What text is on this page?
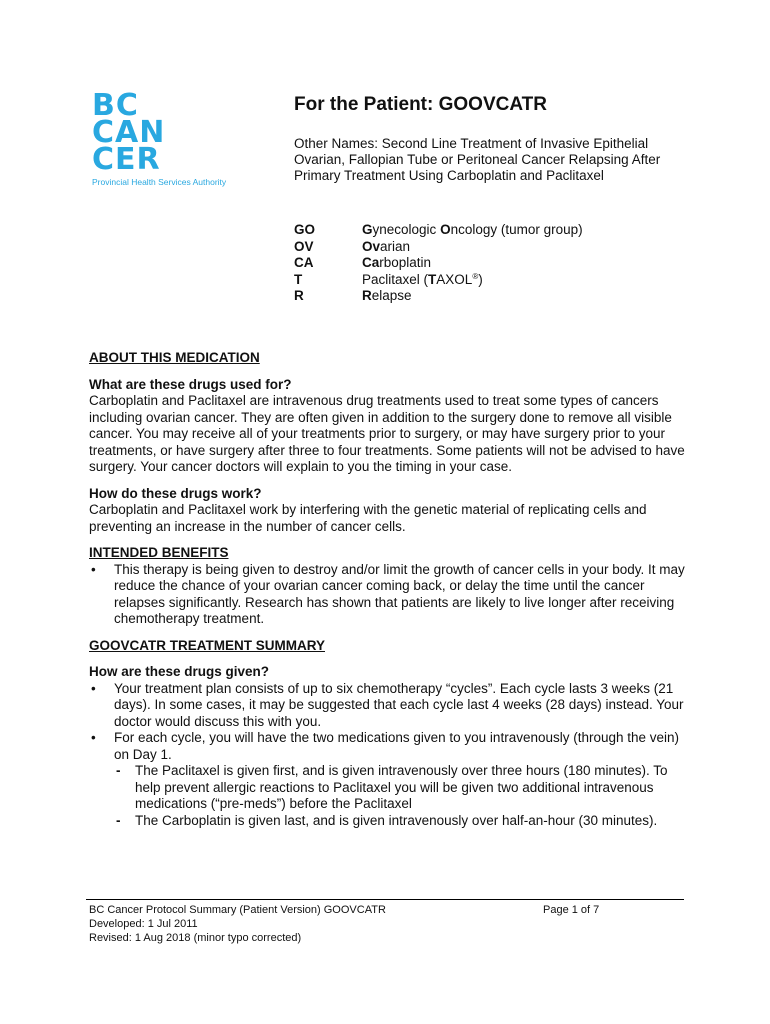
BC
CAN
CER
Provincial Health Services Authority
For the Patient: GOOVCATR

Other Names: Second Line Treatment of Invasive Epithelial Ovarian, Fallopian Tube or Peritoneal Cancer Relapsing After Primary Treatment Using Carboplatin and Paclitaxel

GO	Gynecologic Oncology (tumor group)
OV	Ovarian
CA	Carboplatin
T	Paclitaxel (TAXOL®)
R	Relapse
ABOUT THIS MEDICATION
What are these drugs used for?

Carboplatin and Paclitaxel are intravenous drug treatments used to treat some types of cancers including ovarian cancer. They are often given in addition to the surgery done to remove all visible cancer. You may receive all of your treatments prior to surgery, or may have surgery prior to your treatments, or have surgery after three to four treatments. Some patients will not be advised to have surgery. Your cancer doctors will explain to you the timing in your case.

How do these drugs work?

Carboplatin and Paclitaxel work by interfering with the genetic material of replicating cells and preventing an increase in the number of cancer cells.

INTENDED BENEFITS
• This therapy is being given to destroy and/or limit the growth of cancer cells in your body. It may reduce the chance of your ovarian cancer coming back, or delay the time until the cancer relapses significantly. Research has shown that patients are likely to live longer after receiving chemotherapy treatment.
GOOVCATR TREATMENT SUMMARY
How are these drugs given?
• Your treatment plan consists of up to six chemotherapy “cycles”. Each cycle lasts 3 weeks (21 days). In some cases, it may be suggested that each cycle last 4 weeks (28 days) instead. Your doctor would discuss this with you.
• For each cycle, you will have the two medications given to you intravenously (through the vein) on Day 1.
- The Paclitaxel is given first, and is given intravenously over three hours (180 minutes). To help prevent allergic reactions to Paclitaxel you will be given two additional intravenous medications (“pre-meds”) before the Paclitaxel
- The Carboplatin is given last, and is given intravenously over half-an-hour (30 minutes).
BC Cancer Protocol Summary (Patient Version) GOOVCATR
Developed: 1 Jul 2011
Revised: 1 Aug 2018 (minor typo corrected)
Page 1 of 7
